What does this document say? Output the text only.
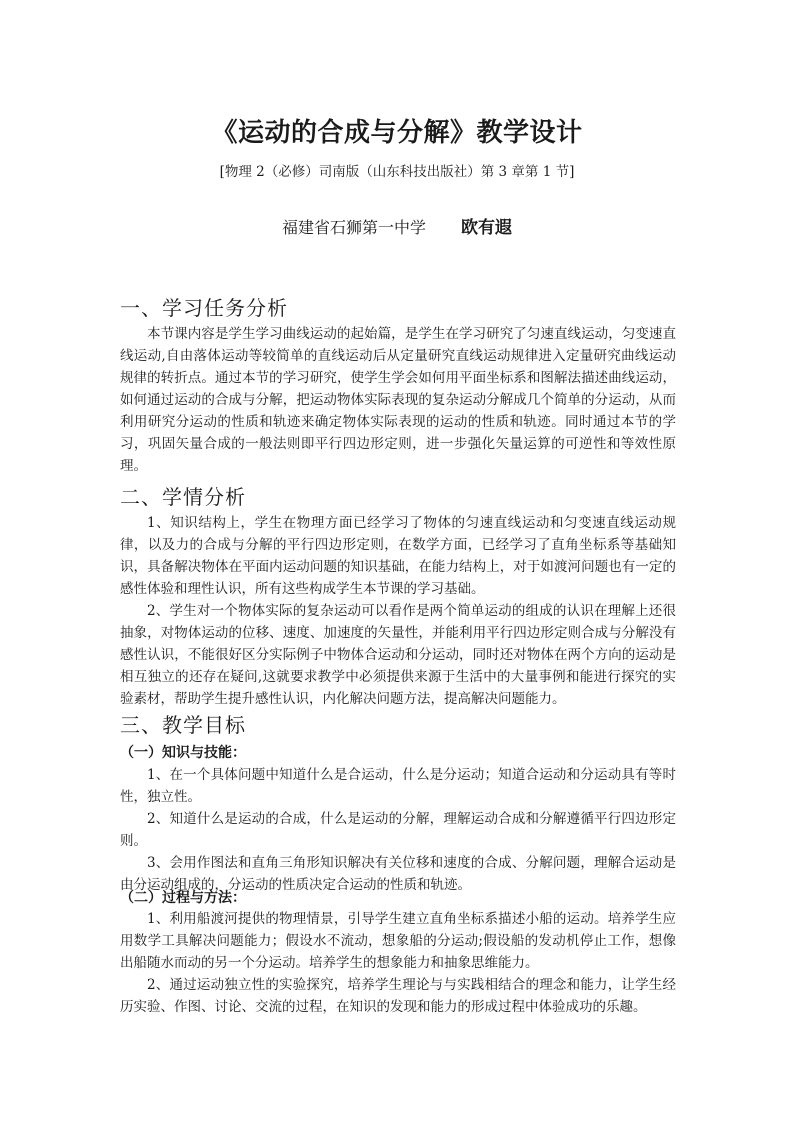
《运动的合成与分解》教学设计
[物理 2（必修）司南版（山东科技出版社）第 3 章第 1 节]
福建省石狮第一中学 欧有遐
一、学习任务分析

本节课内容是学生学习曲线运动的起始篇，是学生在学习研究了匀速直线运动，匀变速直线运动,自由落体运动等较简单的直线运动后从定量研究直线运动规律进入定量研究曲线运动规律的转折点。通过本节的学习研究，使学生学会如何用平面坐标系和图解法描述曲线运动，如何通过运动的合成与分解，把运动物体实际表现的复杂运动分解成几个简单的分运动，从而利用研究分运动的性质和轨迹来确定物体实际表现的运动的性质和轨迹。同时通过本节的学习，巩固矢量合成的一般法则即平行四边形定则，进一步强化矢量运算的可逆性和等效性原理。

二、学情分析

1、知识结构上，学生在物理方面已经学习了物体的匀速直线运动和匀变速直线运动规律，以及力的合成与分解的平行四边形定则，在数学方面，已经学习了直角坐标系等基础知识，具备解决物体在平面内运动问题的知识基础，在能力结构上，对于如渡河问题也有一定的感性体验和理性认识，所有这些构成学生本节课的学习基础。

2、学生对一个物体实际的复杂运动可以看作是两个简单运动的组成的认识在理解上还很抽象，对物体运动的位移、速度、加速度的矢量性，并能利用平行四边形定则合成与分解没有感性认识，不能很好区分实际例子中物体合运动和分运动，同时还对物体在两个方向的运动是相互独立的还存在疑问,这就要求教学中必须提供来源于生活中的大量事例和能进行探究的实验素材，帮助学生提升感性认识，内化解决问题方法，提高解决问题能力。

三、教学目标
（一）知识与技能：

1、在一个具体问题中知道什么是合运动，什么是分运动；知道合运动和分运动具有等时性，独立性。

2、知道什么是运动的合成，什么是运动的分解，理解运动合成和分解遵循平行四边形定则。

3、会用作图法和直角三角形知识解决有关位移和速度的合成、分解问题，理解合运动是由分运动组成的，分运动的性质决定合运动的性质和轨迹。

（二）过程与方法：

1、利用船渡河提供的物理情景，引导学生建立直角坐标系描述小船的运动。培养学生应用数学工具解决问题能力；假设水不流动，想象船的分运动;假设船的发动机停止工作，想像出船随水而动的另一个分运动。培养学生的想象能力和抽象思维能力。

2、通过运动独立性的实验探究，培养学生理论与与实践相结合的理念和能力，让学生经历实验、作图、讨论、交流的过程，在知识的发现和能力的形成过程中体验成功的乐趣。
